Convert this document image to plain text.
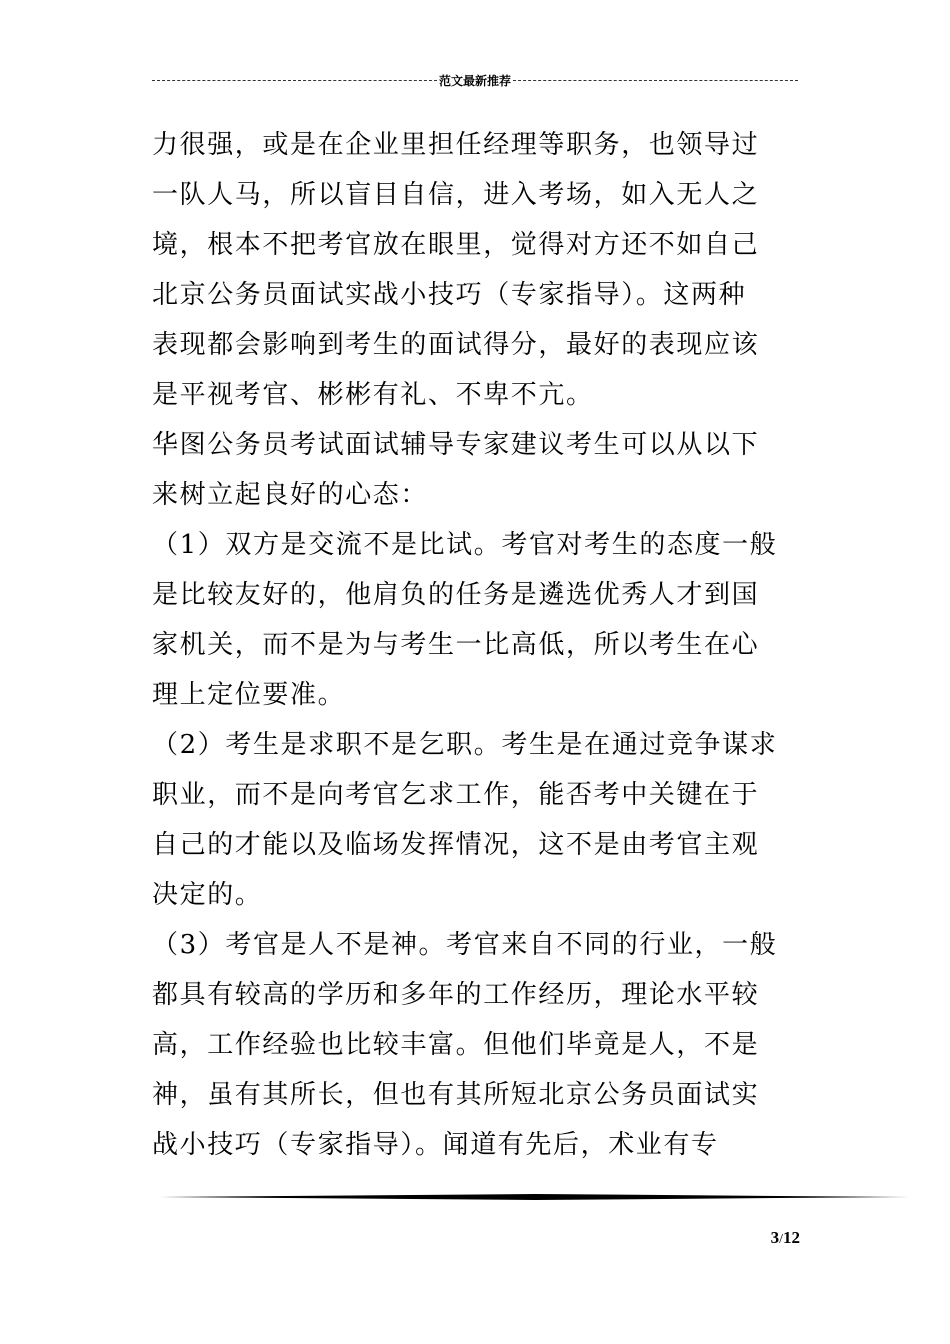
范文最新推荐
力很强，或是在企业里担任经理等职务，也领导过
一队人马，所以盲目自信，进入考场，如入无人之
境，根本不把考官放在眼里，觉得对方还不如自己
北京公务员面试实战小技巧（专家指导）。这两种
表现都会影响到考生的面试得分，最好的表现应该
是平视考官、彬彬有礼、不卑不亢。
华图公务员考试面试辅导专家建议考生可以从以下
来树立起良好的心态：
（1）双方是交流不是比试。考官对考生的态度一般
是比较友好的，他肩负的任务是遴选优秀人才到国
家机关，而不是为与考生一比高低，所以考生在心
理上定位要准。
（2）考生是求职不是乞职。考生是在通过竞争谋求
职业，而不是向考官乞求工作，能否考中关键在于
自己的才能以及临场发挥情况，这不是由考官主观
决定的。
（3）考官是人不是神。考官来自不同的行业，一般
都具有较高的学历和多年的工作经历，理论水平较
高，工作经验也比较丰富。但他们毕竟是人，不是
神，虽有其所长，但也有其所短北京公务员面试实
战小技巧（专家指导）。闻道有先后，术业有专
3/12
